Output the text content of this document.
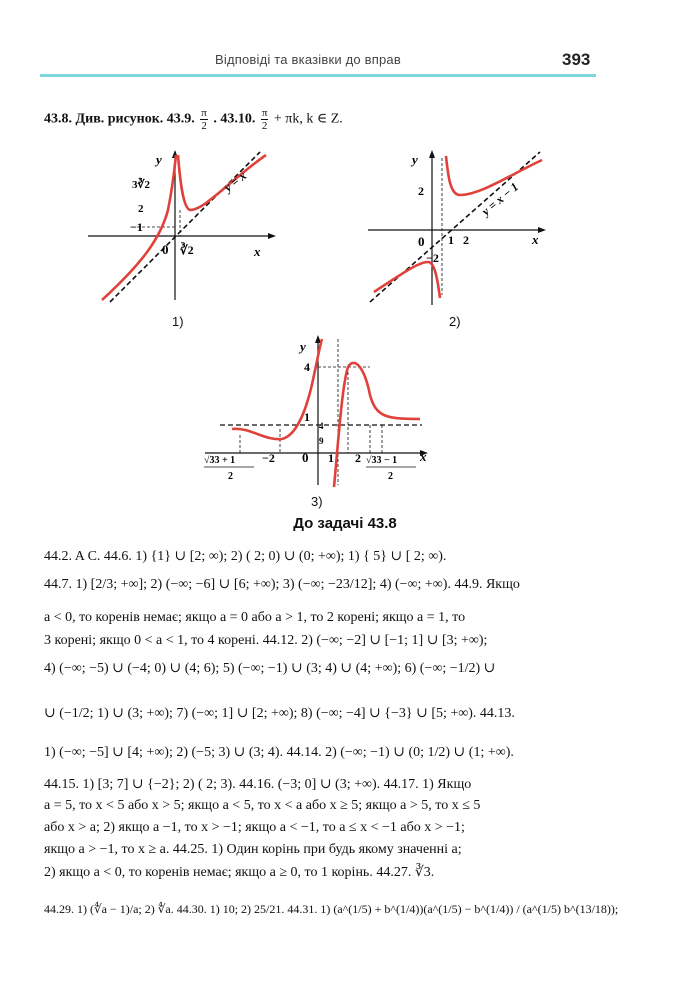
Відповіді та вказівки до вправ	393
43.8. Див. рисунок. 43.9. $\frac{\pi}{2}$ . 43.10. $\frac{\pi}{2} + \pi k$, k ∈ Z.
y
x
0
3∛2
2
−1
∛2
y = x
1)
y
x
0
2
−2
1 2
y = x − 1
2)
y
x
0
4
1
4
9
−2	1 2
√33 + 1
2
√33 − 1
2
3)
До задачі 43.8
44.2. A C. 44.6. 1) {1} ∪ [2; ∞); 2) ( 2; 0) ∪ (0; +∞); 1) { 5} ∪ [ 2; ∞).
44.7. 1) [2/3; +∞]; 2) (−∞; −6] ∪ [6; +∞); 3) (−∞; −23/12]; 4) (−∞; +∞). 44.9. Якщо
a < 0, то коренів немає; якщо a = 0 або a > 1, то 2 корені; якщо a = 1, то
3 корені; якщо 0 < a < 1, то 4 корені. 44.12. 2) (−∞; −2] ∪ [−1; 1] ∪ [3; +∞);
4) (−∞; −5) ∪ (−4; 0) ∪ (4; 6); 5) (−∞; −1) ∪ (3; 4) ∪ (4; +∞); 6) (−∞; −1/2) ∪
∪ (−1/2; 1) ∪ (3; +∞); 7) (−∞; 1] ∪ [2; +∞); 8) (−∞; −4] ∪ {−3} ∪ [5; +∞). 44.13.
1) (−∞; −5] ∪ [4; +∞); 2) (−5; 3) ∪ (3; 4). 44.14. 2) (−∞; −1) ∪ (0; 1/2) ∪ (1; +∞).
44.15. 1) [3; 7] ∪ {−2}; 2) ( 2; 3). 44.16. (−3; 0] ∪ (3; +∞). 44.17. 1) Якщо
a = 5, то x < 5 або x > 5; якщо a < 5, то x < a або x ≥ 5; якщо a > 5, то x ≤ 5
або x > a; 2) якщо a −1, то x > −1; якщо a < −1, то a ≤ x < −1 або x > −1;
якщо a > −1, то x ≥ a. 44.25. 1) Один корінь при будь якому значенні a;
2) якщо a < 0, то коренів немає; якщо a ≥ 0, то 1 корінь. 44.27. ∛3.
44.29. 1) (∜a − 1)/a; 2) ∜a. 44.30. 1) 10; 2) 25/21. 44.31. 1) (a^(1/5) + b^(1/4))(a^(1/5) − b^(1/4)) / (a^(1/5) b^(13/18));
